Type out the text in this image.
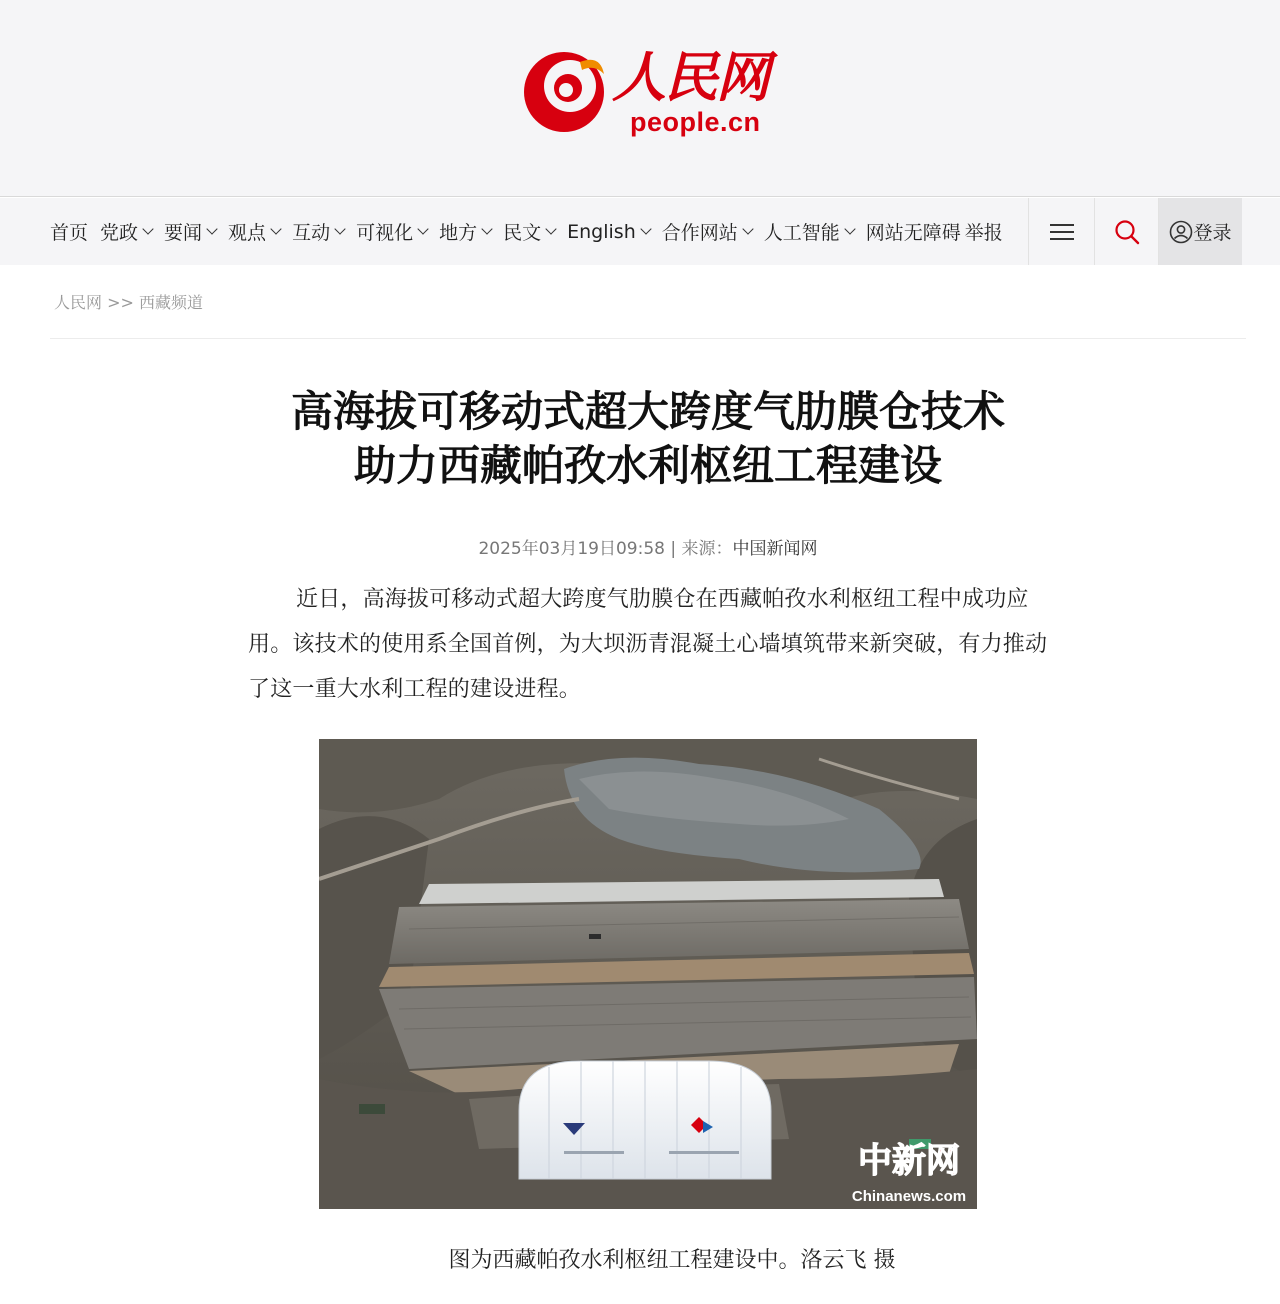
人民网
people.cn
首页 党政 要闻 观点 互动 可视化 地方 民文 English 合作网站 人工智能 网站无障碍 举报	登录
人民网 >> 西藏频道
高海拔可移动式超大跨度气肋膜仓技术
助力西藏帕孜水利枢纽工程建设
2025年03月19日09:58 | 来源：中国新闻网

近日，高海拔可移动式超大跨度气肋膜仓在西藏帕孜水利枢纽工程中成功应用。该技术的使用系全国首例，为大坝沥青混凝土心墙填筑带来新突破，有力推动了这一重大水利工程的建设进程。

中新网
Chinanews.com
图为西藏帕孜水利枢纽工程建设中。洛云飞 摄
